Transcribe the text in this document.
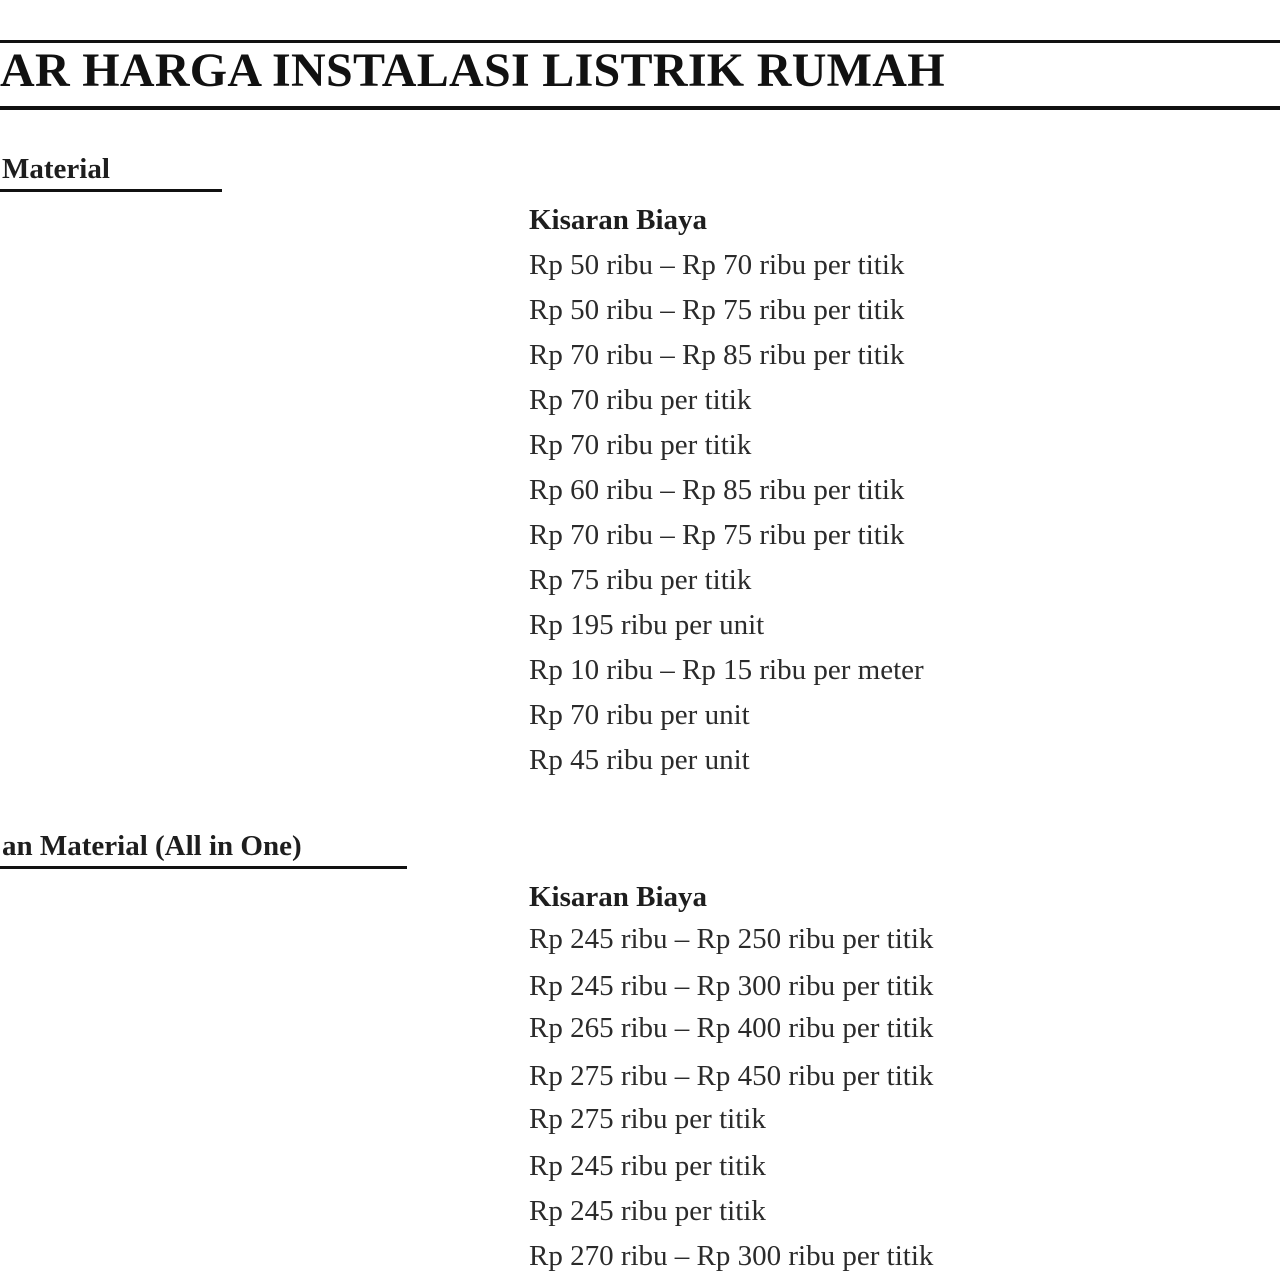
AR HARGA INSTALASI LISTRIK RUMAH
Material
Kisaran Biaya
Rp 50 ribu – Rp 70 ribu per titik
Rp 50 ribu – Rp 75 ribu per titik
Rp 70 ribu – Rp 85 ribu per titik
Rp 70 ribu per titik
Rp 70 ribu per titik
Rp 60 ribu – Rp 85 ribu per titik
Rp 70 ribu – Rp 75 ribu per titik
Rp 75 ribu per titik
Rp 195 ribu per unit
Rp 10 ribu – Rp 15 ribu per meter
Rp 70 ribu per unit
Rp 45 ribu per unit
an Material (All in One)
Kisaran Biaya
Rp 245 ribu – Rp 250 ribu per titik
Rp 245 ribu – Rp 300 ribu per titik
Rp 265 ribu – Rp 400 ribu per titik
Rp 275 ribu – Rp 450 ribu per titik
Rp 275 ribu per titik
Rp 245 ribu per titik
Rp 245 ribu per titik
Rp 270 ribu – Rp 300 ribu per titik
